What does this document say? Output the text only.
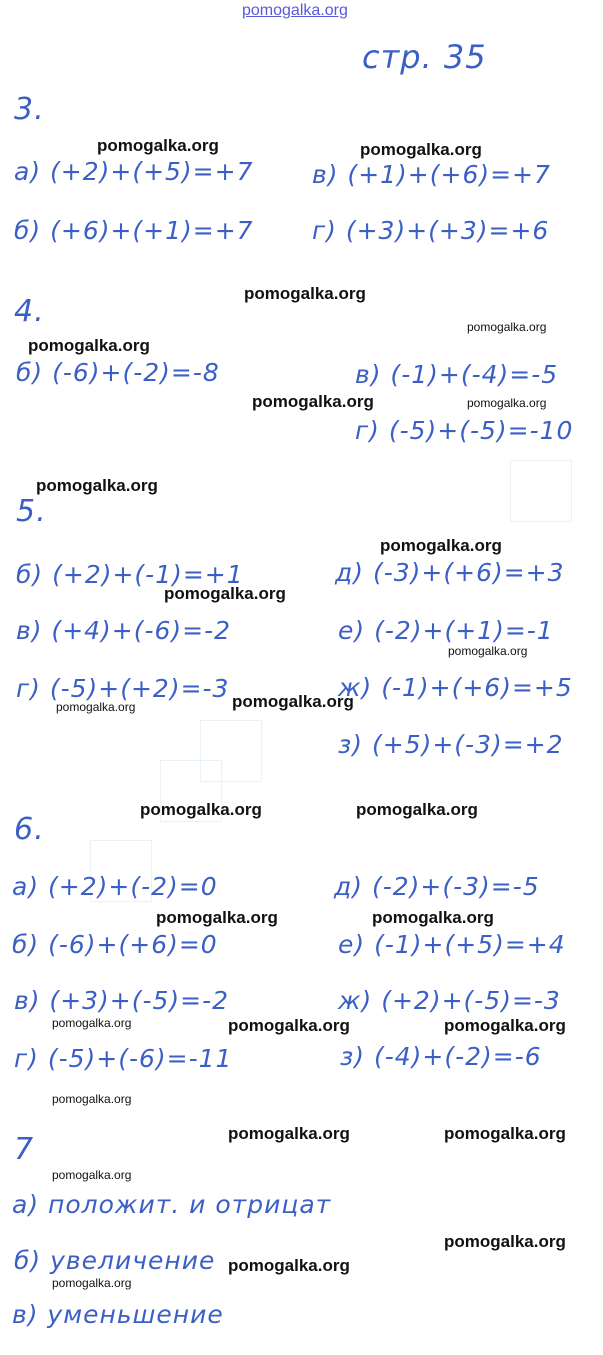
pomogalka.org
стр. 35
3.
а) (+2)+(+5)=+7
б) (+6)+(+1)=+7
в) (+1)+(+6)=+7
г) (+3)+(+3)=+6
4.
б) (-6)+(-2)=-8	в) (-1)+(-4)=-5
г) (-5)+(-5)=-10
5.
б) (+2)+(-1)=+1
в) (+4)+(-6)=-2
г) (-5)+(+2)=-3
д) (-3)+(+6)=+3
е) (-2)+(+1)=-1
ж) (-1)+(+6)=+5
з) (+5)+(-3)=+2
6.
а) (+2)+(-2)=0
б) (-6)+(+6)=0
в) (+3)+(-5)=-2
г) (-5)+(-6)=-11
д) (-2)+(-3)=-5
е) (-1)+(+5)=+4
ж) (+2)+(-5)=-3
з) (-4)+(-2)=-6
7
а) положит. и отрицат
б) увеличение
в) уменьшение
pomogalka.org	pomogalka.org
pomogalka.org
pomogalka.org
pomogalka.org
pomogalka.org	pomogalka.org
pomogalka.org
pomogalka.org
pomogalka.org
pomogalka.org
pomogalka.org
pomogalka.org
pomogalka.org	pomogalka.org
pomogalka.org	pomogalka.org
pomogalka.org	pomogalka.org	pomogalka.org
pomogalka.org
pomogalka.org	pomogalka.org
pomogalka.org
pomogalka.org
pomogalka.org
pomogalka.org
